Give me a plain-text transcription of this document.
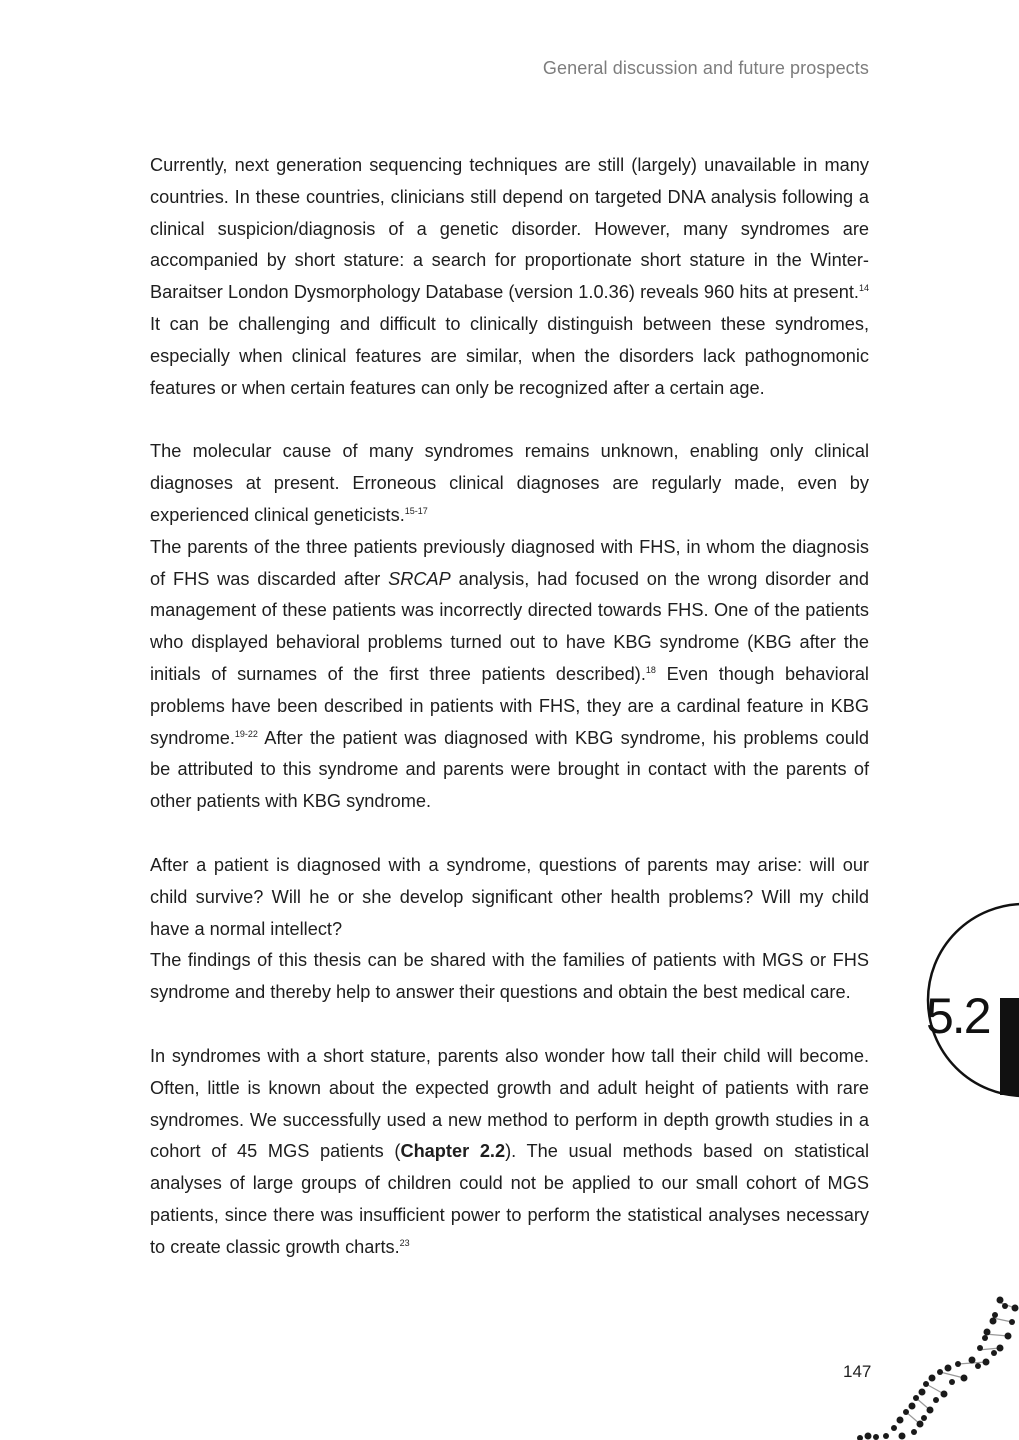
General discussion and future prospects

Currently, next generation sequencing techniques are still (largely) unavailable in many countries. In these countries, clinicians still depend on targeted DNA analysis following a clinical suspicion/diagnosis of a genetic disorder. However, many syndromes are accompanied by short stature: a search for proportionate short stature in the Winter-Baraitser London Dysmorphology Database (version 1.0.36) reveals 960 hits at present.$^{14}$ It can be challenging and difficult to clinically distinguish between these syndromes, especially when clinical features are similar, when the disorders lack pathognomonic features or when certain features can only be recognized after a certain age.

The molecular cause of many syndromes remains unknown, enabling only clinical diagnoses at present. Erroneous clinical diagnoses are regularly made, even by experienced clinical geneticists.$^{15-17}$

The parents of the three patients previously diagnosed with FHS, in whom the diagnosis of FHS was discarded after SRCAP analysis, had focused on the wrong disorder and management of these patients was incorrectly directed towards FHS. One of the patients who displayed behavioral problems turned out to have KBG syndrome (KBG after the initials of surnames of the first three patients described).$^{18}$ Even though behavioral problems have been described in patients with FHS, they are a cardinal feature in KBG syndrome.$^{19-22}$ After the patient was diagnosed with KBG syndrome, his problems could be attributed to this syndrome and parents were brought in contact with the parents of other patients with KBG syndrome.

After a patient is diagnosed with a syndrome, questions of parents may arise: will our child survive? Will he or she develop significant other health problems? Will my child have a normal intellect?

The findings of this thesis can be shared with the families of patients with MGS or FHS syndrome and thereby help to answer their questions and obtain the best medical care.

In syndromes with a short stature, parents also wonder how tall their child will become. Often, little is known about the expected growth and adult height of patients with rare syndromes. We successfully used a new method to perform in depth growth studies in a cohort of 45 MGS patients (Chapter 2.2). The usual methods based on statistical analyses of large groups of children could not be applied to our small cohort of MGS patients, since there was insufficient power to perform the statistical analyses necessary to create classic growth charts.$^{23}$

5.2
147
